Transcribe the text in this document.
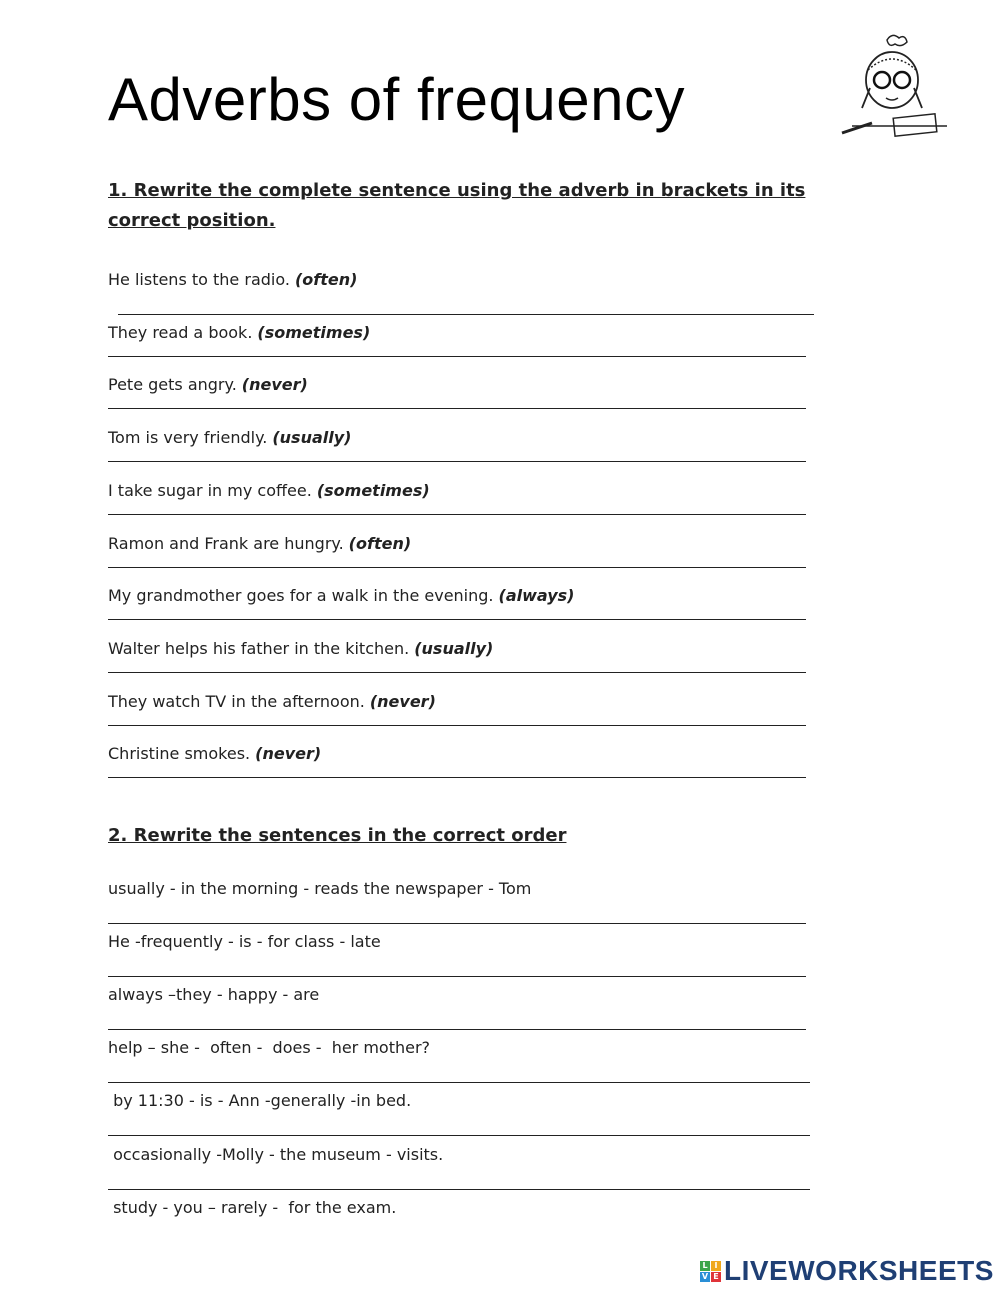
Adverbs of frequency
1. Rewrite the complete sentence using the adverb in brackets in its
correct position.
He listens to the radio. (often)
They read a book. (sometimes)
Pete gets angry. (never)
Tom is very friendly. (usually)
I take sugar in my coffee. (sometimes)
Ramon and Frank are hungry. (often)
My grandmother goes for a walk in the evening. (always)
Walter helps his father in the kitchen. (usually)
They watch TV in the afternoon. (never)
Christine smokes. (never)
2. Rewrite the sentences in the correct order
usually - in the morning - reads the newspaper - Tom
He -frequently - is - for class - late
always –they - happy - are
help – she -  often -  does -  her mother?
by 11:30 - is - Ann -generally -in bed.
occasionally -Molly - the museum - visits.
study - you – rarely -  for the exam.
L I
V E LIVEWORKSHEETS
